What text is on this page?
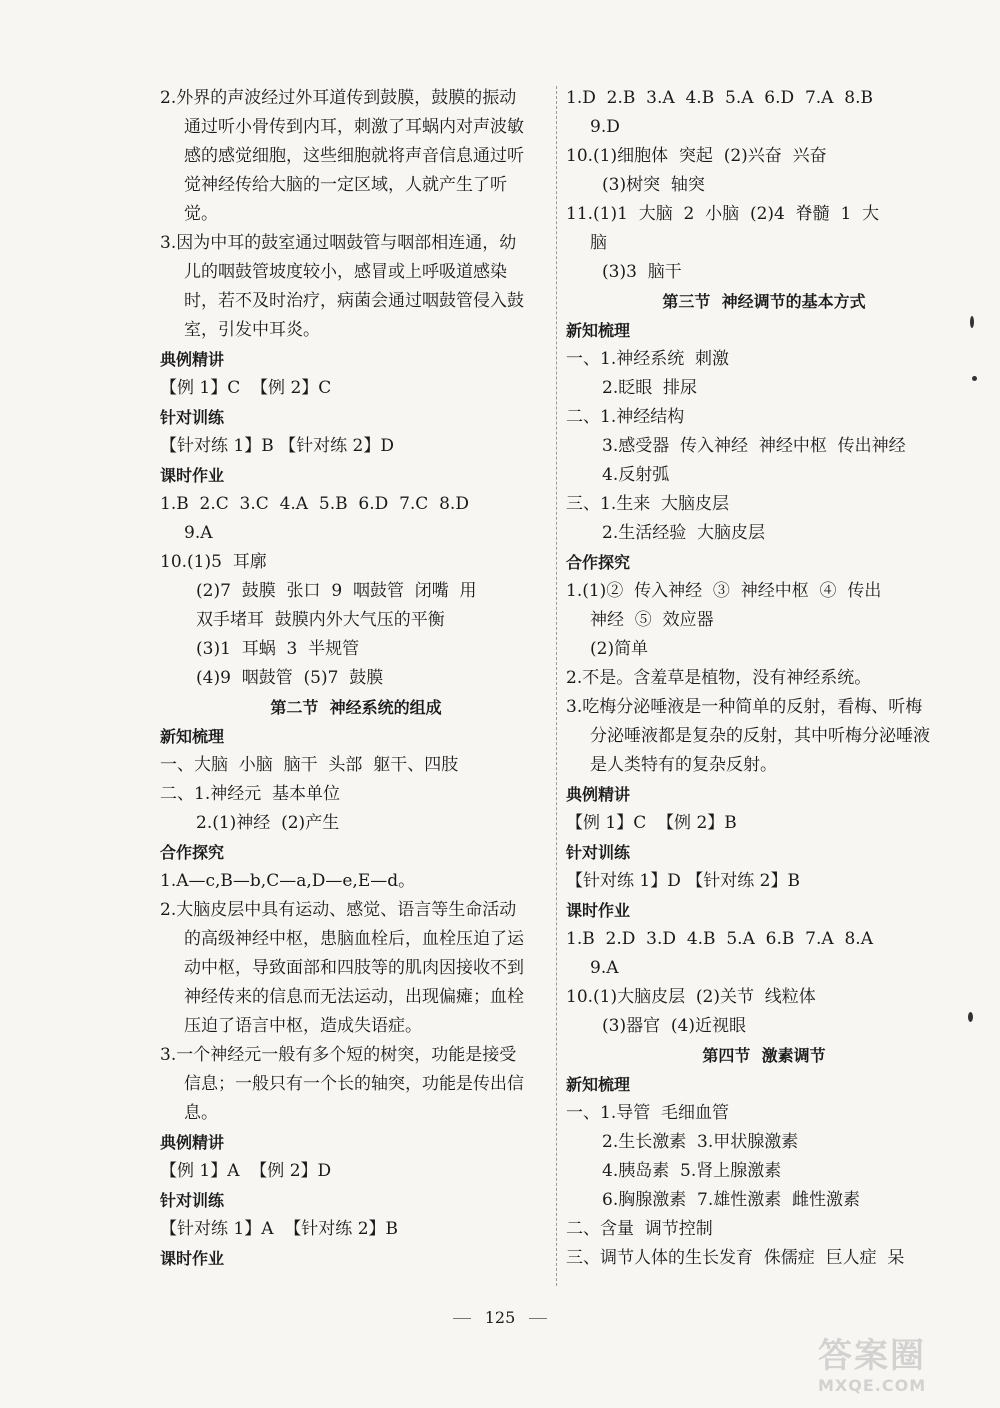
2.外界的声波经过外耳道传到鼓膜，鼓膜的振动
通过听小骨传到内耳，刺激了耳蜗内对声波敏
感的感觉细胞，这些细胞就将声音信息通过听
觉神经传给大脑的一定区域，人就产生了听
觉。
3.因为中耳的鼓室通过咽鼓管与咽部相连通，幼
儿的咽鼓管坡度较小，感冒或上呼吸道感染
时，若不及时治疗，病菌会通过咽鼓管侵入鼓
室，引发中耳炎。
典例精讲
【例 1】C  【例 2】C
针对训练
【针对练 1】B 【针对练 2】D
课时作业
1.B  2.C  3.C  4.A  5.B  6.D  7.C  8.D
9.A
10.(1)5  耳廓
(2)7  鼓膜  张口  9  咽鼓管  闭嘴  用
双手堵耳  鼓膜内外大气压的平衡
(3)1  耳蜗  3  半规管
(4)9  咽鼓管  (5)7  鼓膜
第二节  神经系统的组成
新知梳理
一、大脑  小脑  脑干  头部  躯干、四肢
二、1.神经元  基本单位
2.(1)神经  (2)产生
合作探究
1.A—c,B—b,C—a,D—e,E—d。
2.大脑皮层中具有运动、感觉、语言等生命活动
的高级神经中枢，患脑血栓后，血栓压迫了运
动中枢，导致面部和四肢等的肌肉因接收不到
神经传来的信息而无法运动，出现偏瘫；血栓
压迫了语言中枢，造成失语症。
3.一个神经元一般有多个短的树突，功能是接受
信息；一般只有一个长的轴突，功能是传出信
息。
典例精讲
【例 1】A  【例 2】D
针对训练
【针对练 1】A  【针对练 2】B
课时作业
1.D  2.B  3.A  4.B  5.A  6.D  7.A  8.B
9.D
10.(1)细胞体  突起  (2)兴奋  兴奋
(3)树突  轴突
11.(1)1  大脑  2  小脑  (2)4  脊髓  1  大
脑
(3)3  脑干
第三节  神经调节的基本方式
新知梳理
一、1.神经系统  刺激
2.眨眼  排尿
二、1.神经结构
3.感受器  传入神经  神经中枢  传出神经
4.反射弧
三、1.生来  大脑皮层
2.生活经验  大脑皮层
合作探究
1.(1)②  传入神经  ③  神经中枢  ④  传出
神经  ⑤  效应器
(2)简单
2.不是。含羞草是植物，没有神经系统。
3.吃梅分泌唾液是一种简单的反射，看梅、听梅
分泌唾液都是复杂的反射，其中听梅分泌唾液
是人类特有的复杂反射。
典例精讲
【例 1】C  【例 2】B
针对训练
【针对练 1】D 【针对练 2】B
课时作业
1.B  2.D  3.D  4.B  5.A  6.B  7.A  8.A
9.A
10.(1)大脑皮层  (2)关节  线粒体
(3)器官  (4)近视眼
第四节  激素调节
新知梳理
一、1.导管  毛细血管
2.生长激素  3.甲状腺激素
4.胰岛素  5.肾上腺激素
6.胸腺激素  7.雄性激素  雌性激素
二、含量  调节控制
三、调节人体的生长发育  侏儒症  巨人症  呆
125
答案圈
MXQE.COM
